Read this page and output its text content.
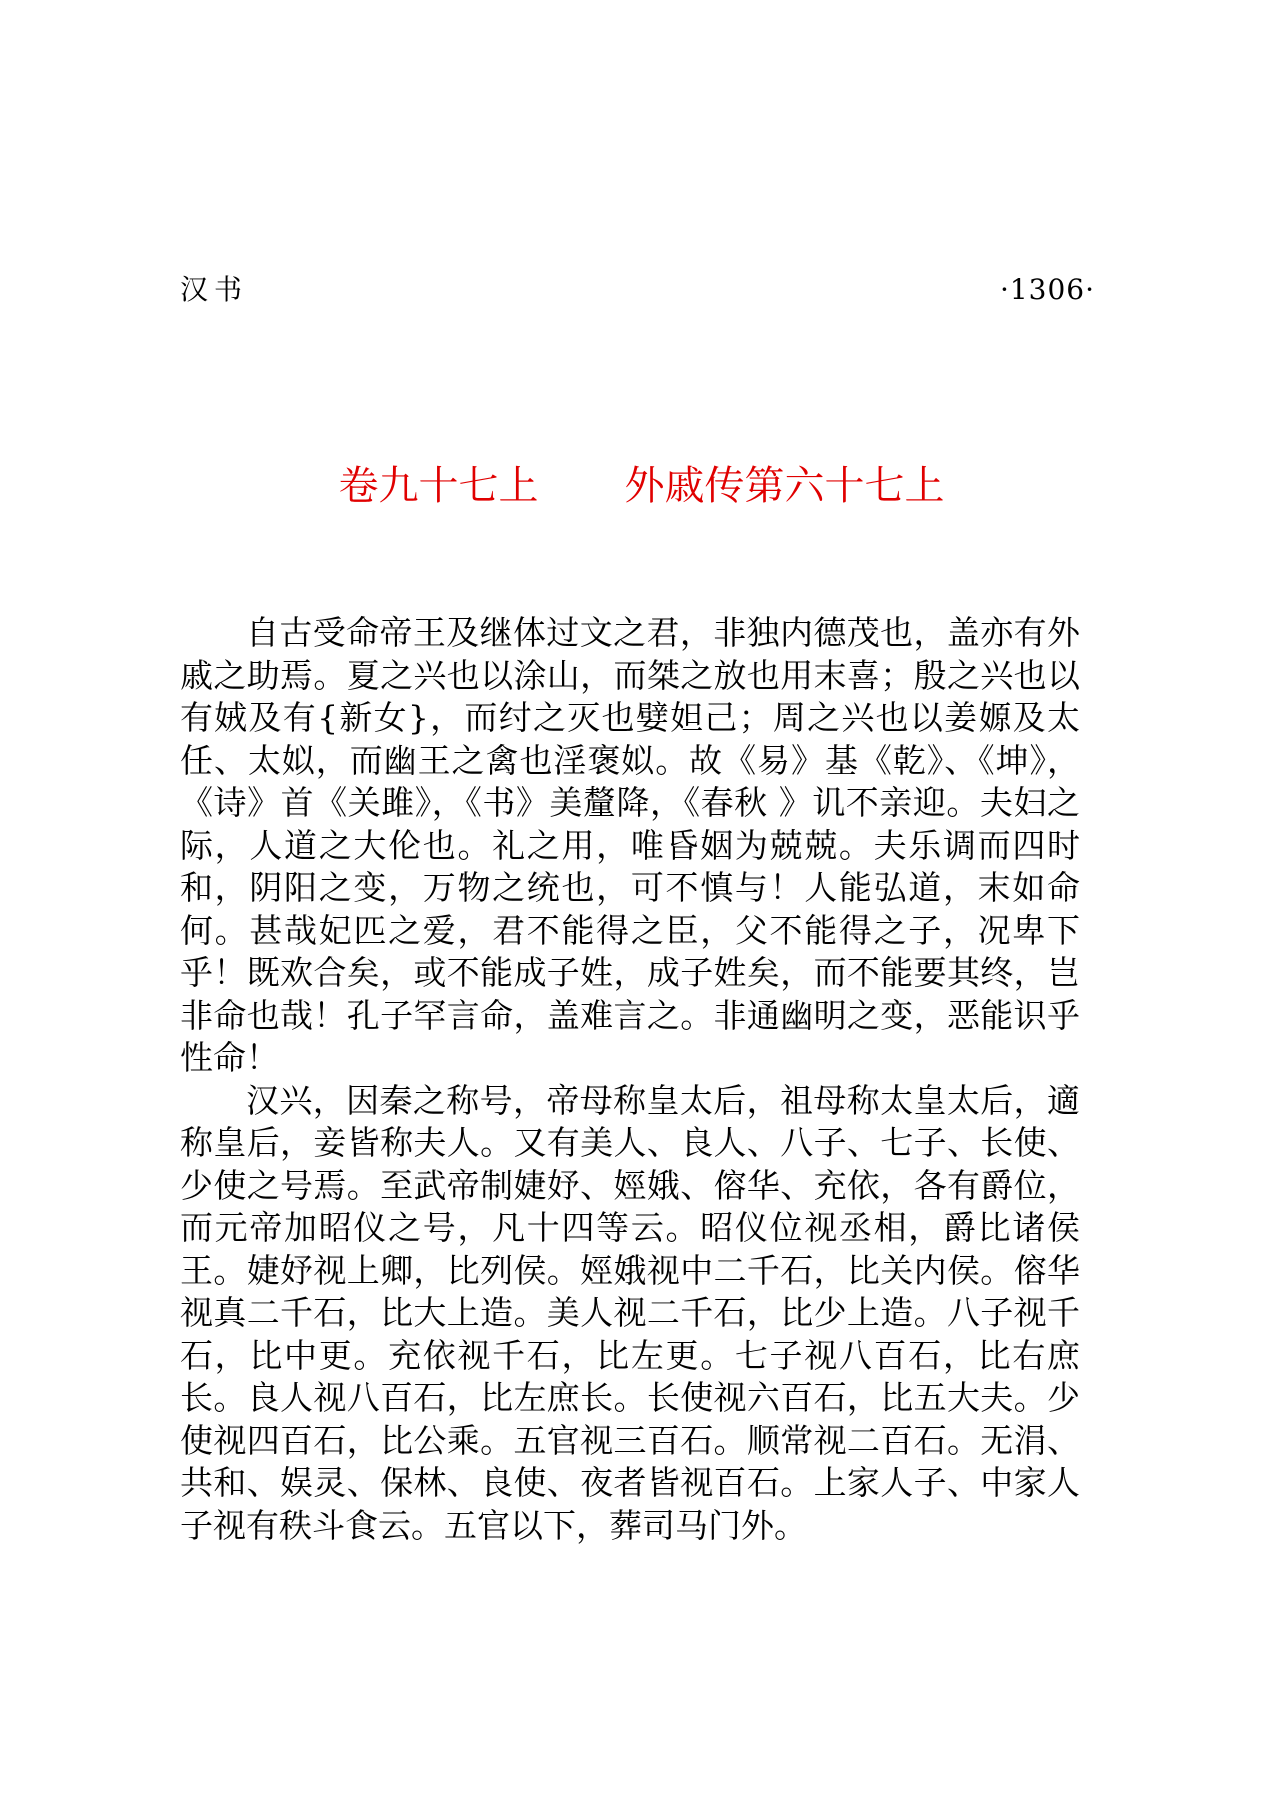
汉书	·1306·
卷九十七上 外戚传第六十七上

自古受命帝王及继体过文之君，非独内德茂也，盖亦有外戚之助焉。夏之兴也以涂山，而桀之放也用末喜；殷之兴也以有娀及有{新女}，而纣之灭也嬖妲己；周之兴也以姜嫄及太任、太姒，而幽王之禽也淫褒姒。故《易》基《乾》、《坤》，《诗》首《关雎》，《书》美釐降，《春秋 》讥不亲迎。夫妇之际，人道之大伦也。礼之用，唯昏姻为兢兢。夫乐调而四时和，阴阳之变，万物之统也，可不慎与！人能弘道，末如命何。甚哉妃匹之爱，君不能得之臣，父不能得之子，况卑下乎！既欢合矣，或不能成子姓，成子姓矣，而不能要其终，岂非命也哉！孔子罕言命，盖难言之。非通幽明之变，恶能识乎性命！

汉兴，因秦之称号，帝母称皇太后，祖母称太皇太后，適称皇后，妾皆称夫人。又有美人、良人、八子、七子、长使、少使之号焉。至武帝制婕妤、娙娥、傛华、充依，各有爵位，而元帝加昭仪之号，凡十四等云。昭仪位视丞相，爵比诸侯王。婕妤视上卿，比列侯。娙娥视中二千石，比关内侯。傛华视真二千石，比大上造。美人视二千石，比少上造。八子视千石，比中更。充依视千石，比左更。七子视八百石，比右庶长。良人视八百石，比左庶长。长使视六百石，比五大夫。少使视四百石，比公乘。五官视三百石。顺常视二百石。无涓、共和、娱灵、保林、良使、夜者皆视百石。上家人子、中家人子视有秩斗食云。五官以下，葬司马门外。
